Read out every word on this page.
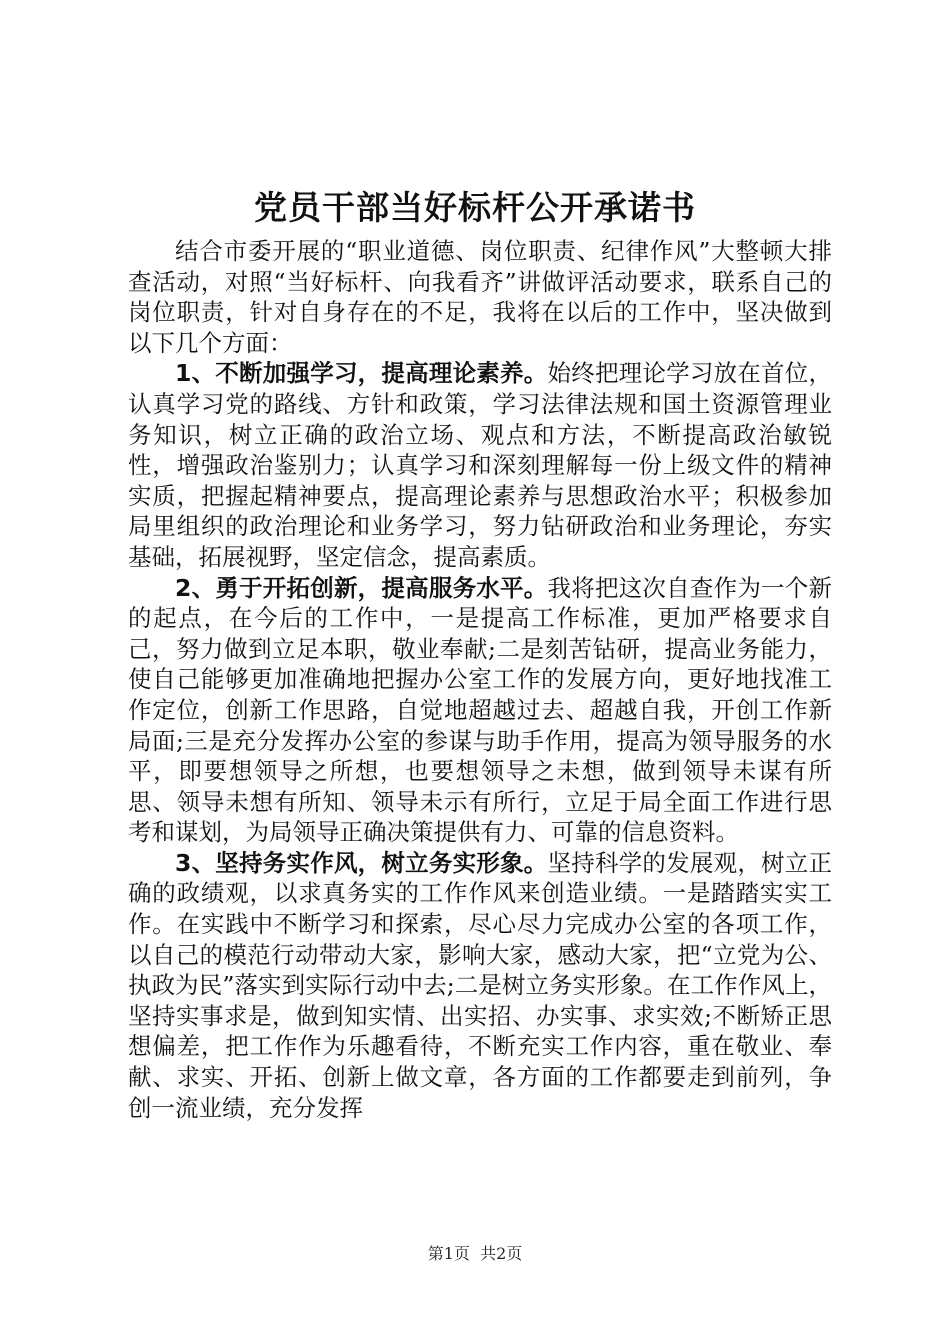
党员干部当好标杆公开承诺书

结合市委开展的“职业道德、岗位职责、纪律作风”大整顿大排查活动，对照“当好标杆、向我看齐”讲做评活动要求，联系自己的岗位职责，针对自身存在的不足，我将在以后的工作中，坚决做到以下几个方面：

1、不断加强学习，提高理论素养。始终把理论学习放在首位，认真学习党的路线、方针和政策，学习法律法规和国土资源管理业务知识，树立正确的政治立场、观点和方法，不断提高政治敏锐性，增强政治鉴别力；认真学习和深刻理解每一份上级文件的精神实质，把握起精神要点，提高理论素养与思想政治水平；积极参加局里组织的政治理论和业务学习，努力钻研政治和业务理论，夯实基础，拓展视野，坚定信念，提高素质。

2、勇于开拓创新，提高服务水平。我将把这次自查作为一个新的起点，在今后的工作中，一是提高工作标准，更加严格要求自己，努力做到立足本职，敬业奉献;二是刻苦钻研，提高业务能力，使自己能够更加准确地把握办公室工作的发展方向，更好地找准工作定位，创新工作思路，自觉地超越过去、超越自我，开创工作新局面;三是充分发挥办公室的参谋与助手作用，提高为领导服务的水平，即要想领导之所想，也要想领导之未想，做到领导未谋有所思、领导未想有所知、领导未示有所行，立足于局全面工作进行思考和谋划，为局领导正确决策提供有力、可靠的信息资料。

3、坚持务实作风，树立务实形象。坚持科学的发展观，树立正确的政绩观，以求真务实的工作作风来创造业绩。一是踏踏实实工作。在实践中不断学习和探索，尽心尽力完成办公室的各项工作，以自己的模范行动带动大家，影响大家，感动大家，把“立党为公、执政为民”落实到实际行动中去;二是树立务实形象。在工作作风上，坚持实事求是，做到知实情、出实招、办实事、求实效;不断矫正思想偏差，把工作作为乐趣看待，不断充实工作内容，重在敬业、奉献、求实、开拓、创新上做文章，各方面的工作都要走到前列，争创一流业绩，充分发挥

第1页  共2页
